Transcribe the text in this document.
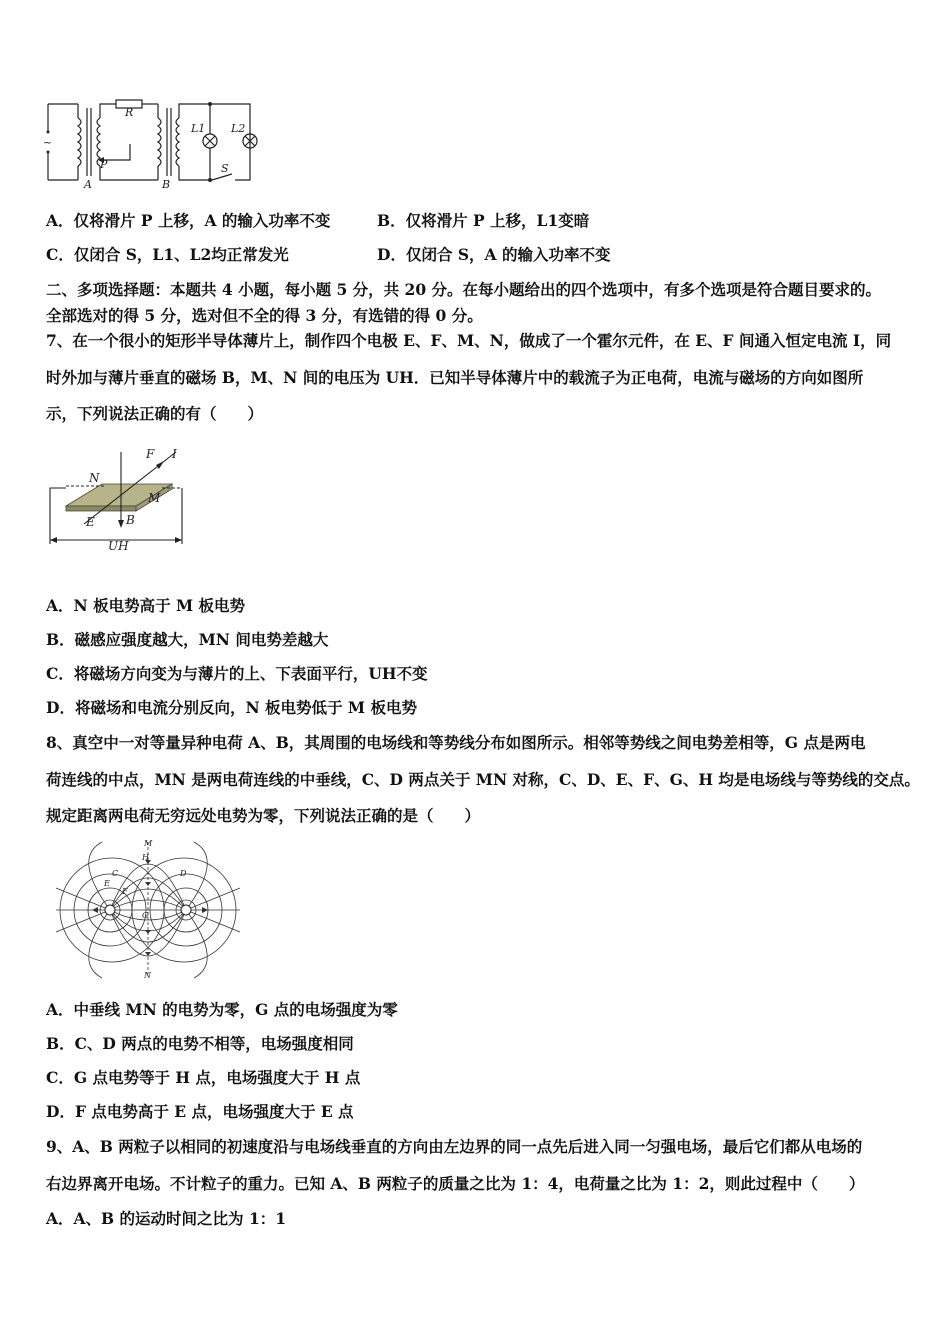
R
P
A	B
L1 L2
S
~
A．仅将滑片 P 上移，A 的输入功率不变	B．仅将滑片 P 上移，L1变暗
C．仅闭合 S，L1、L2均正常发光	D．仅闭合 S，A 的输入功率不变
二、多项选择题：本题共 4 小题，每小题 5 分，共 20 分。在每小题给出的四个选项中，有多个选项是符合题目要求的。
全部选对的得 5 分，选对但不全的得 3 分，有选错的得 0 分。
7、在一个很小的矩形半导体薄片上，制作四个电极 E、F、M、N，做成了一个霍尔元件，在 E、F 间通入恒定电流 I，同
时外加与薄片垂直的磁场 B，M、N 间的电压为 UH．已知半导体薄片中的载流子为正电荷，电流与磁场的方向如图所
示，下列说法正确的有（　　）
F I
N
M
E	B
UH
A．N 板电势高于 M 板电势
B．磁感应强度越大，MN 间电势差越大
C．将磁场方向变为与薄片的上、下表面平行，UH不变
D．将磁场和电流分别反向，N 板电势低于 M 板电势
8、真空中一对等量异种电荷 A、B，其周围的电场线和等势线分布如图所示。相邻等势线之间电势差相等，G 点是两电
荷连线的中点，MN 是两电荷连线的中垂线，C、D 两点关于 MN 对称，C、D、E、F、G、H 均是电场线与等势线的交点。
规定距离两电荷无穷远处电势为零，下列说法正确的是（　　）
M
N
H
C	D
E
F
G
A．中垂线 MN 的电势为零，G 点的电场强度为零
B．C、D 两点的电势不相等，电场强度相同
C．G 点电势等于 H 点，电场强度大于 H 点
D．F 点电势高于 E 点，电场强度大于 E 点
9、A、B 两粒子以相同的初速度沿与电场线垂直的方向由左边界的同一点先后进入同一匀强电场，最后它们都从电场的
右边界离开电场。不计粒子的重力。已知 A、B 两粒子的质量之比为 1：4，电荷量之比为 1：2，则此过程中（　　）
A．A、B 的运动时间之比为 1：1
